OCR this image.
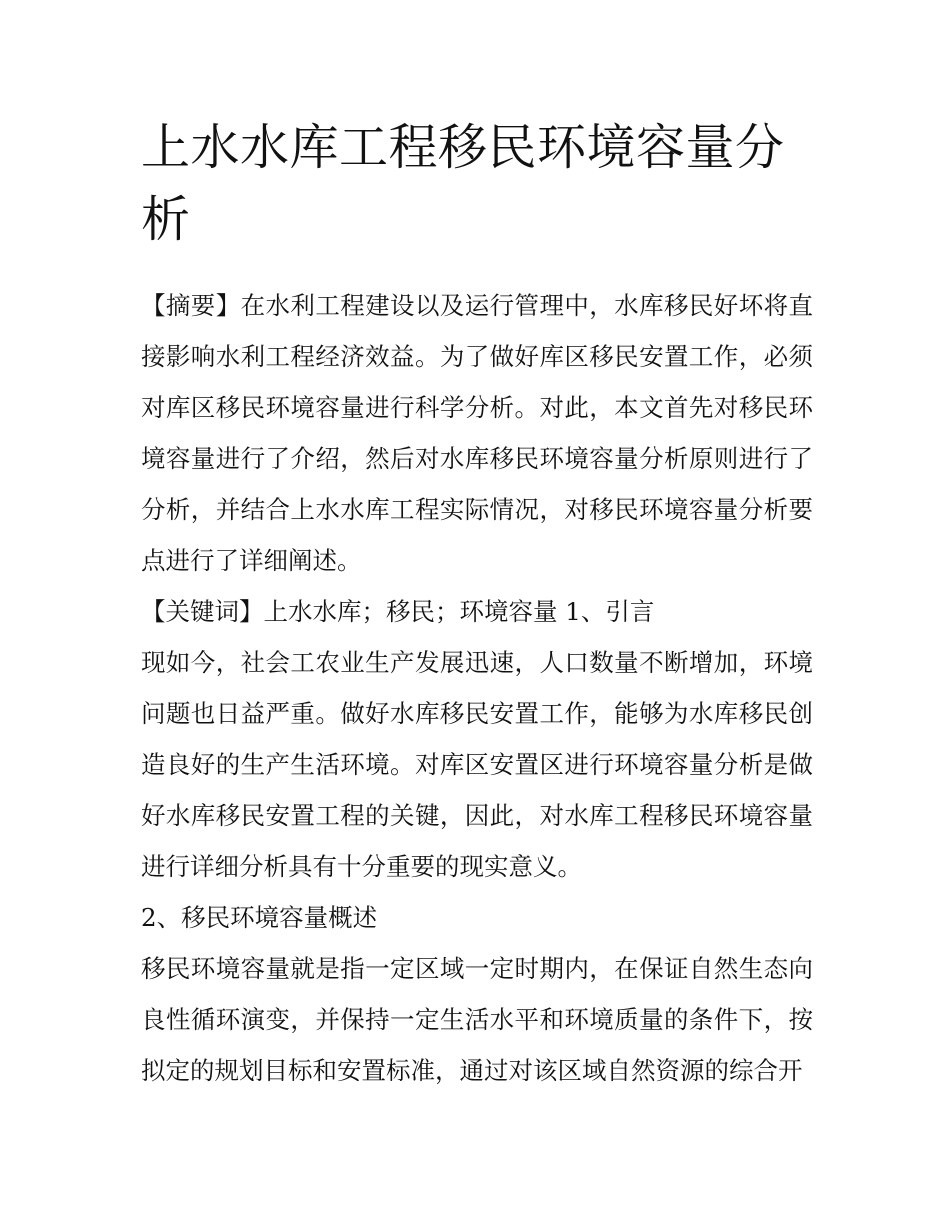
上水水库工程移民环境容量分析

【摘要】在水利工程建设以及运行管理中，水库移民好坏将直接影响水利工程经济效益。为了做好库区移民安置工作，必须对库区移民环境容量进行科学分析。对此，本文首先对移民环境容量进行了介绍，然后对水库移民环境容量分析原则进行了分析，并结合上水水库工程实际情况，对移民环境容量分析要点进行了详细阐述。

【关键词】上水水库；移民；环境容量 1、引言

现如今，社会工农业生产发展迅速，人口数量不断增加，环境问题也日益严重。做好水库移民安置工作，能够为水库移民创造良好的生产生活环境。对库区安置区进行环境容量分析是做好水库移民安置工程的关键，因此，对水库工程移民环境容量进行详细分析具有十分重要的现实意义。

2、移民环境容量概述

移民环境容量就是指一定区域一定时期内，在保证自然生态向良性循环演变，并保持一定生活水平和环境质量的条件下，按拟定的规划目标和安置标准，通过对该区域自然资源的综合开
